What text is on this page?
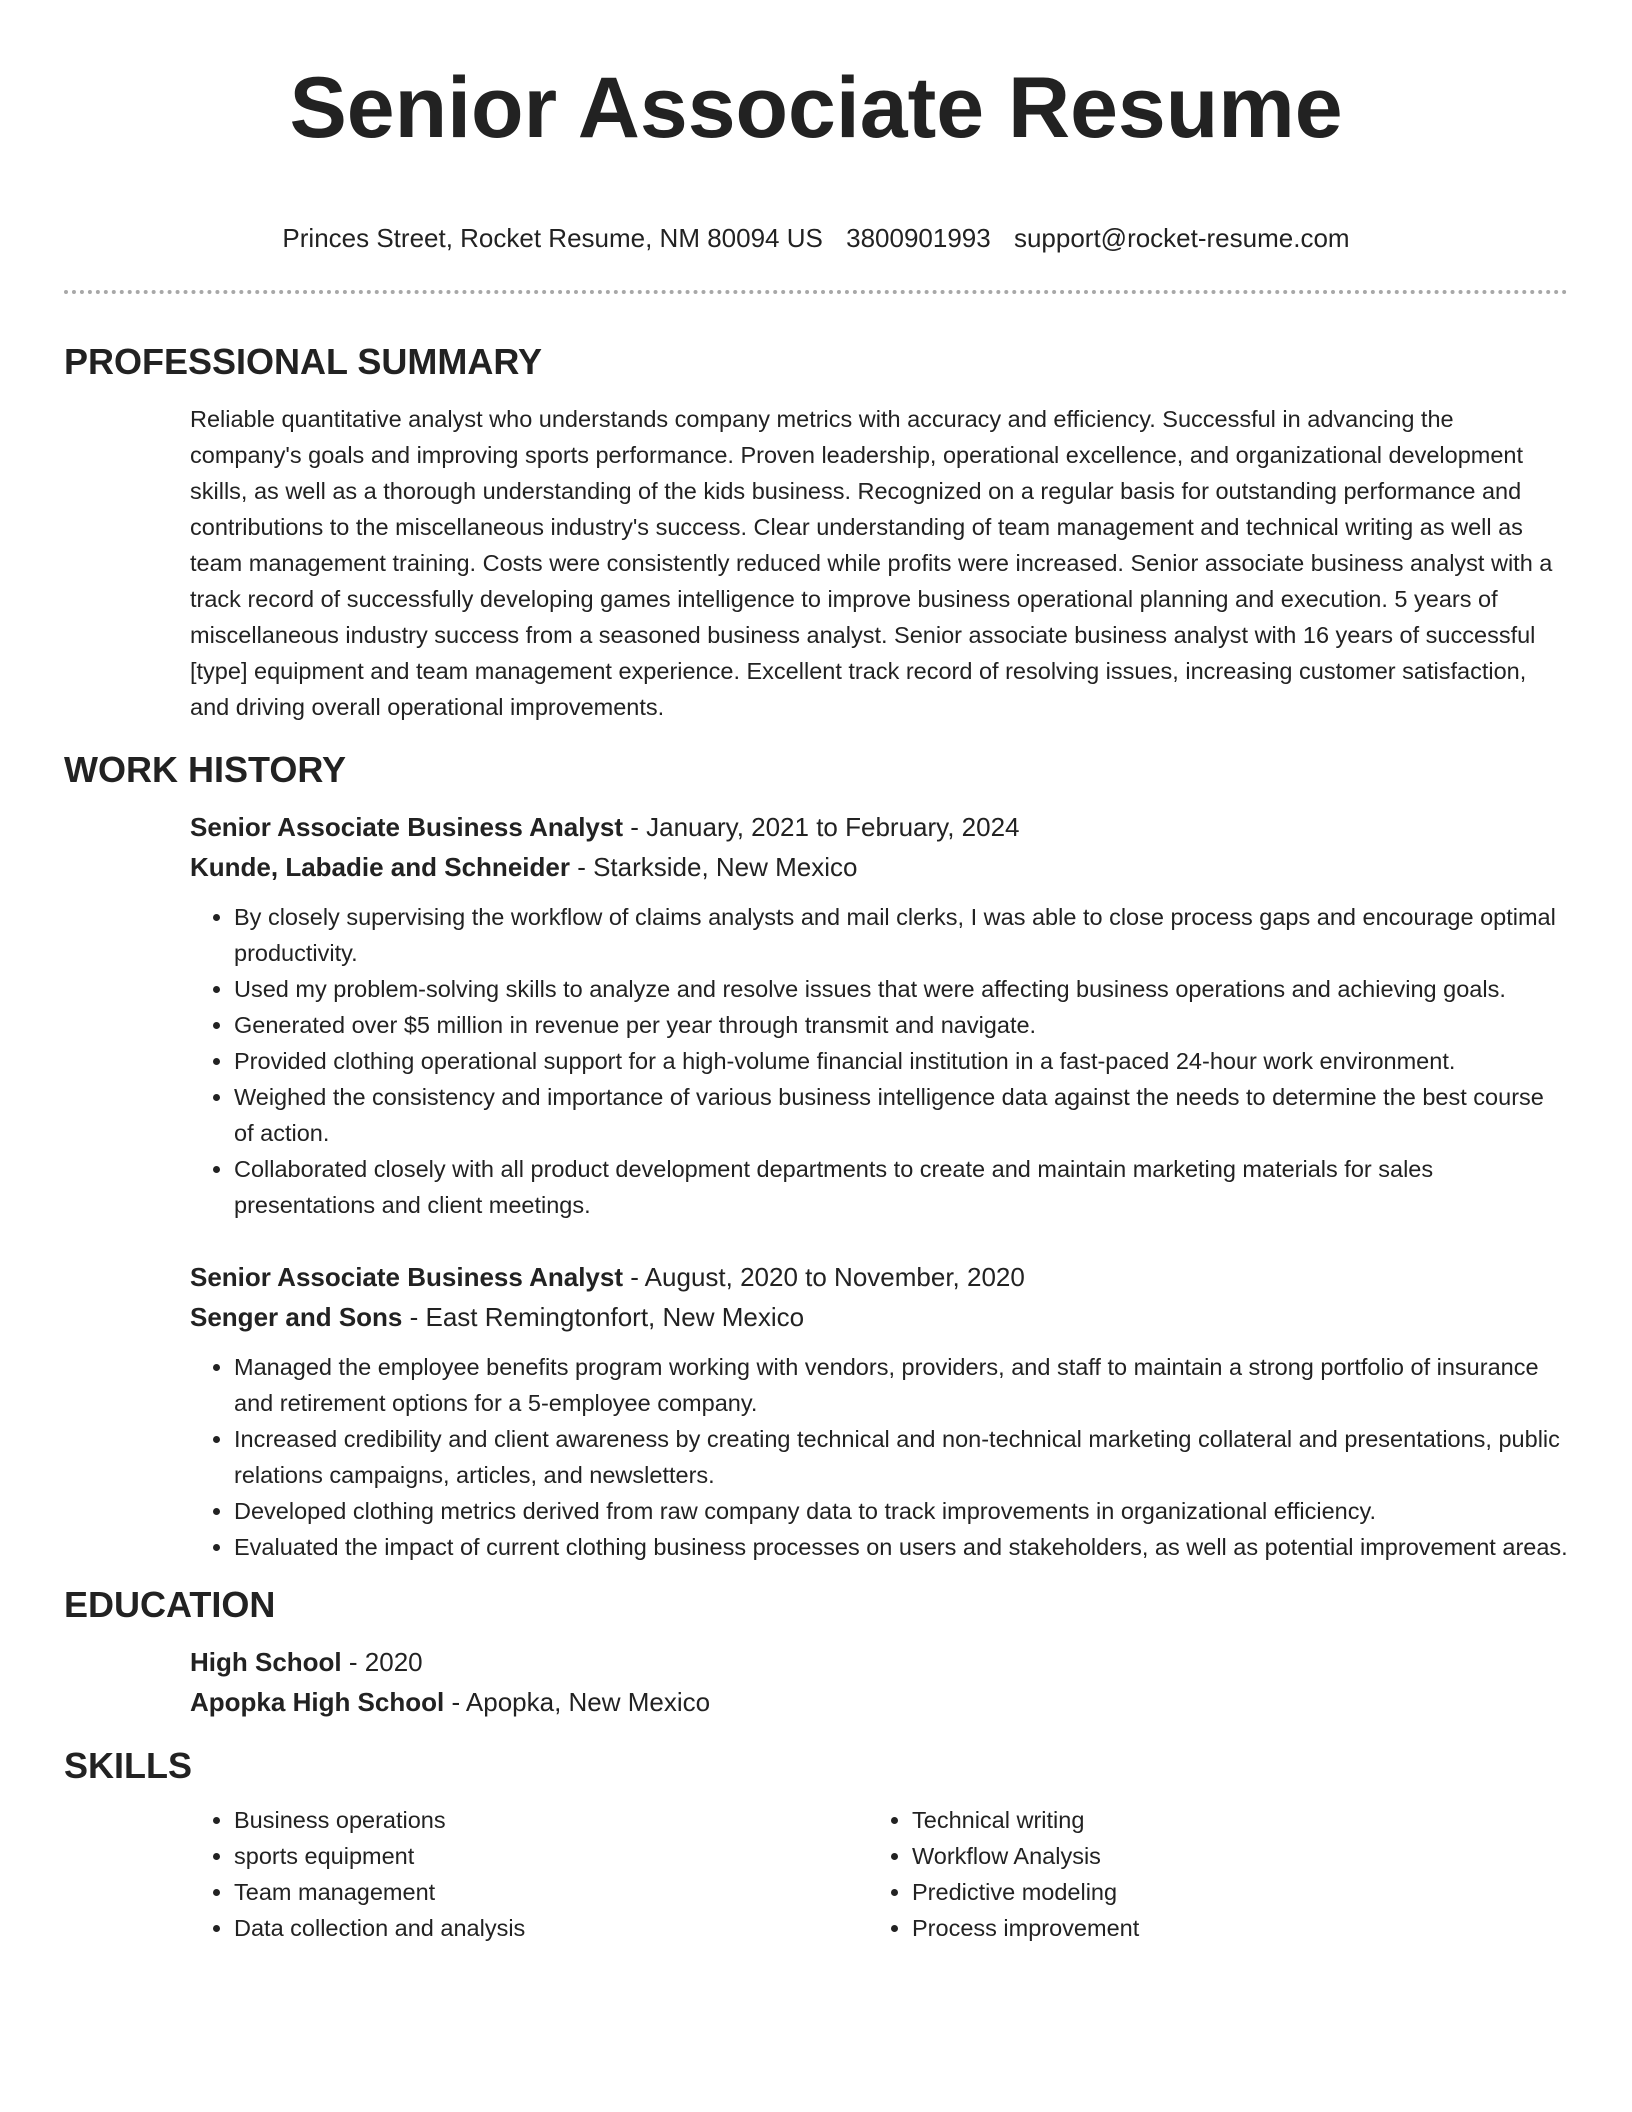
Senior Associate Resume
Princes Street, Rocket Resume, NM 80094 US 3800901993 support@rocket-resume.com
PROFESSIONAL SUMMARY

Reliable quantitative analyst who understands company metrics with accuracy and efficiency. Successful in advancing the company's goals and improving sports performance. Proven leadership, operational excellence, and organizational development skills, as well as a thorough understanding of the kids business. Recognized on a regular basis for outstanding performance and contributions to the miscellaneous industry's success. Clear understanding of team management and technical writing as well as team management training. Costs were consistently reduced while profits were increased. Senior associate business analyst with a track record of successfully developing games intelligence to improve business operational planning and execution. 5 years of miscellaneous industry success from a seasoned business analyst. Senior associate business analyst with 16 years of successful [type] equipment and team management experience. Excellent track record of resolving issues, increasing customer satisfaction, and driving overall operational improvements.

WORK HISTORY
Senior Associate Business Analyst - January, 2021 to February, 2024
Kunde, Labadie and Schneider - Starkside, New Mexico
• By closely supervising the workflow of claims analysts and mail clerks, I was able to close process gaps and encourage optimal productivity.
• Used my problem-solving skills to analyze and resolve issues that were affecting business operations and achieving goals.
• Generated over $5 million in revenue per year through transmit and navigate.
• Provided clothing operational support for a high-volume financial institution in a fast-paced 24-hour work environment.
• Weighed the consistency and importance of various business intelligence data against the needs to determine the best course of action.
• Collaborated closely with all product development departments to create and maintain marketing materials for sales presentations and client meetings.
Senior Associate Business Analyst - August, 2020 to November, 2020
Senger and Sons - East Remingtonfort, New Mexico
• Managed the employee benefits program working with vendors, providers, and staff to maintain a strong portfolio of insurance and retirement options for a 5-employee company.
• Increased credibility and client awareness by creating technical and non-technical marketing collateral and presentations, public relations campaigns, articles, and newsletters.
• Developed clothing metrics derived from raw company data to track improvements in organizational efficiency.
• Evaluated the impact of current clothing business processes on users and stakeholders, as well as potential improvement areas.
EDUCATION
High School - 2020
Apopka High School - Apopka, New Mexico
SKILLS
• Business operations
• sports equipment
• Team management
• Data collection and analysis
• Technical writing
• Workflow Analysis
• Predictive modeling
• Process improvement
